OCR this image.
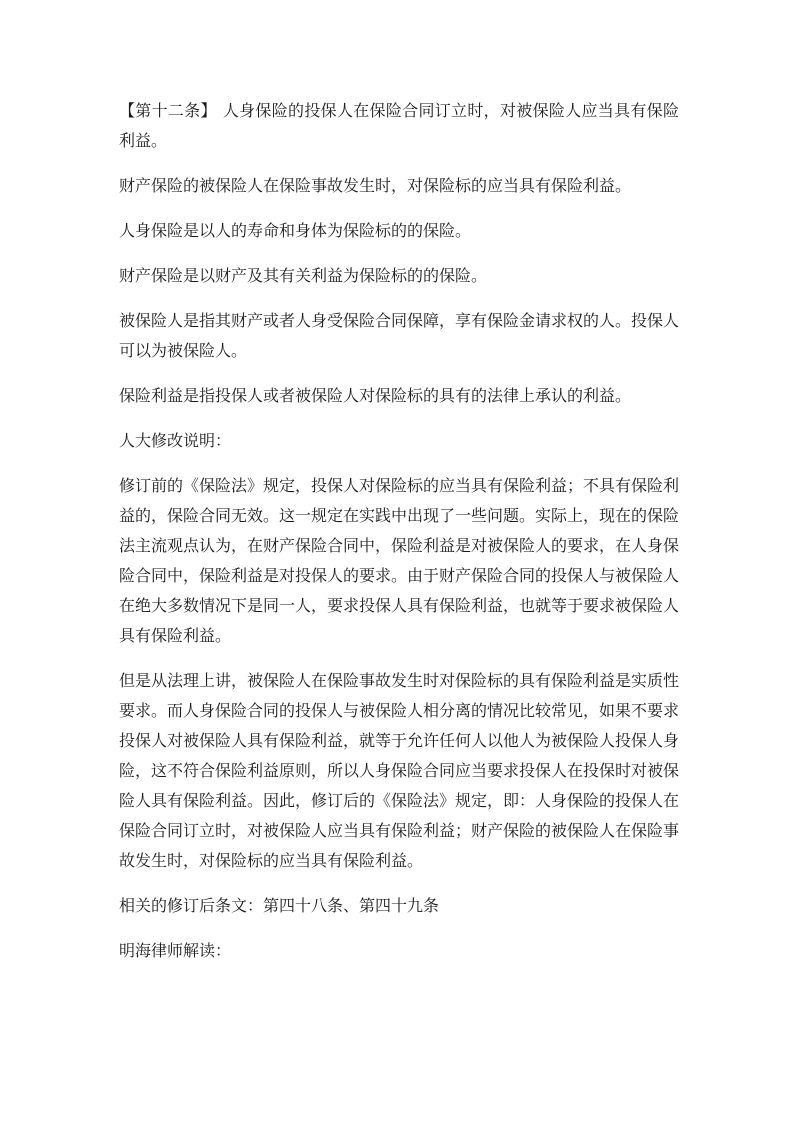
【第十二条】 人身保险的投保人在保险合同订立时，对被保险人应当具有保险利益。

财产保险的被保险人在保险事故发生时，对保险标的应当具有保险利益。

人身保险是以人的寿命和身体为保险标的的保险。

财产保险是以财产及其有关利益为保险标的的保险。

被保险人是指其财产或者人身受保险合同保障，享有保险金请求权的人。投保人可以为被保险人。

保险利益是指投保人或者被保险人对保险标的具有的法律上承认的利益。

人大修改说明：

修订前的《保险法》规定，投保人对保险标的应当具有保险利益；不具有保险利益的，保险合同无效。这一规定在实践中出现了一些问题。实际上，现在的保险法主流观点认为，在财产保险合同中，保险利益是对被保险人的要求，在人身保险合同中，保险利益是对投保人的要求。由于财产保险合同的投保人与被保险人在绝大多数情况下是同一人，要求投保人具有保险利益，也就等于要求被保险人具有保险利益。

但是从法理上讲，被保险人在保险事故发生时对保险标的具有保险利益是实质性要求。而人身保险合同的投保人与被保险人相分离的情况比较常见，如果不要求投保人对被保险人具有保险利益，就等于允许任何人以他人为被保险人投保人身险，这不符合保险利益原则，所以人身保险合同应当要求投保人在投保时对被保险人具有保险利益。因此，修订后的《保险法》规定，即：人身保险的投保人在保险合同订立时，对被保险人应当具有保险利益；财产保险的被保险人在保险事故发生时，对保险标的应当具有保险利益。

相关的修订后条文：第四十八条、第四十九条

明海律师解读：
